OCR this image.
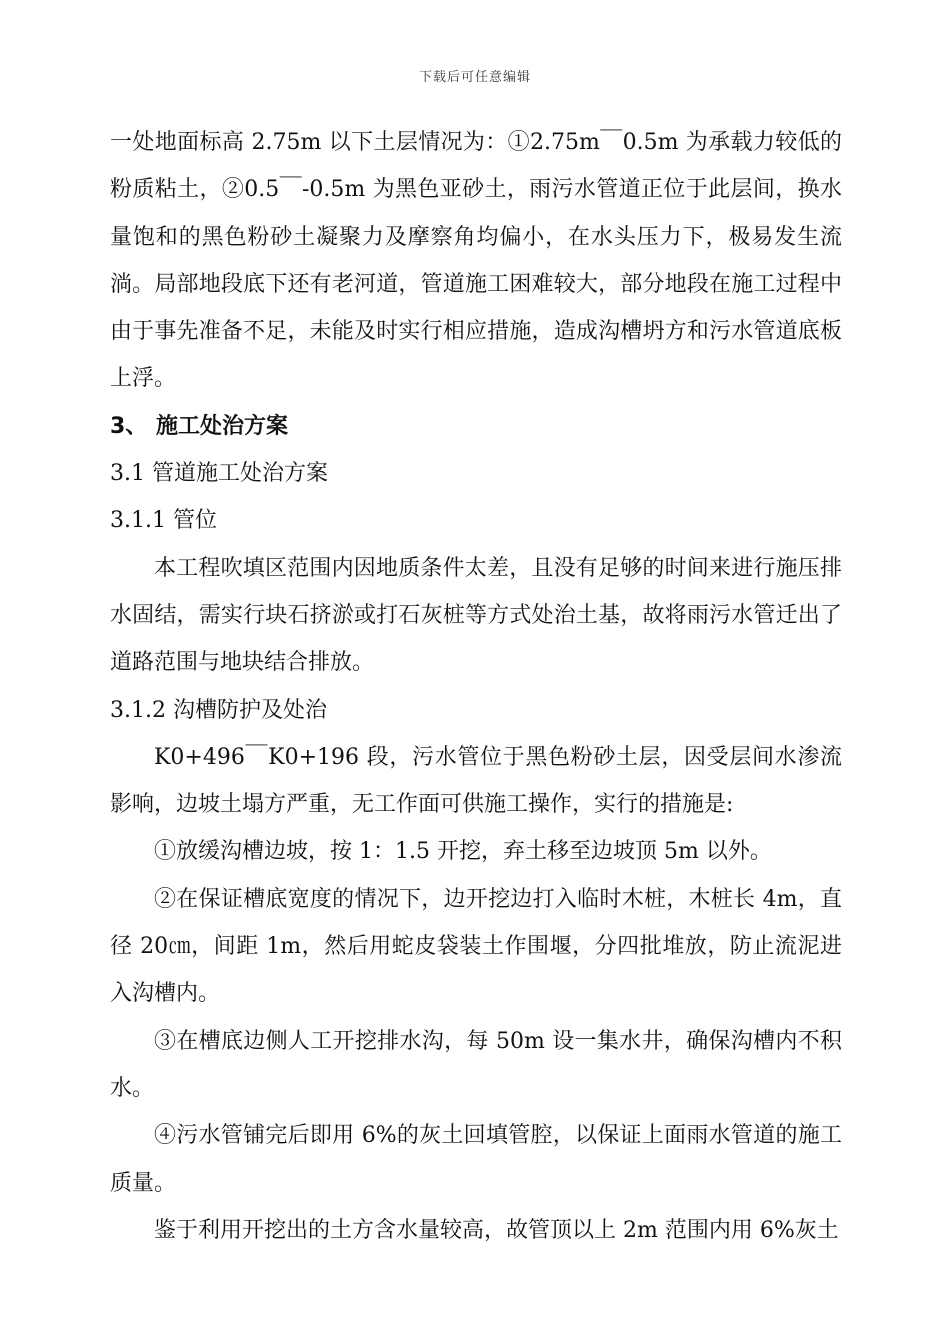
下载后可任意编辑

一处地面标高 2.75m 以下土层情况为：①2.75m￣0.5m 为承载力较低的粉质粘土，②0.5￣-0.5m 为黑色亚砂土，雨污水管道正位于此层间，换水量饱和的黑色粉砂土凝聚力及摩察角均偏小，在水头压力下，极易发生流淌。局部地段底下还有老河道，管道施工困难较大，部分地段在施工过程中由于事先准备不足，未能及时实行相应措施，造成沟槽坍方和污水管道底板上浮。

3、 施工处治方案

3.1 管道施工处治方案

3.1.1 管位

本工程吹填区范围内因地质条件太差，且没有足够的时间来进行施压排水固结，需实行块石挤淤或打石灰桩等方式处治土基，故将雨污水管迁出了道路范围与地块结合排放。

3.1.2 沟槽防护及处治

K0+496￣K0+196 段，污水管位于黑色粉砂土层，因受层间水渗流影响，边坡土塌方严重，无工作面可供施工操作，实行的措施是:

①放缓沟槽边坡，按 1：1.5 开挖，弃土移至边坡顶 5m 以外。

②在保证槽底宽度的情况下，边开挖边打入临时木桩，木桩长 4m，直径 20㎝，间距 1m，然后用蛇皮袋装土作围堰，分四批堆放，防止流泥进入沟槽内。

③在槽底边侧人工开挖排水沟，每 50m 设一集水井，确保沟槽内不积水。

④污水管铺完后即用 6%的灰土回填管腔，以保证上面雨水管道的施工质量。

鉴于利用开挖出的土方含水量较高，故管顶以上 2m 范围内用 6%灰土
